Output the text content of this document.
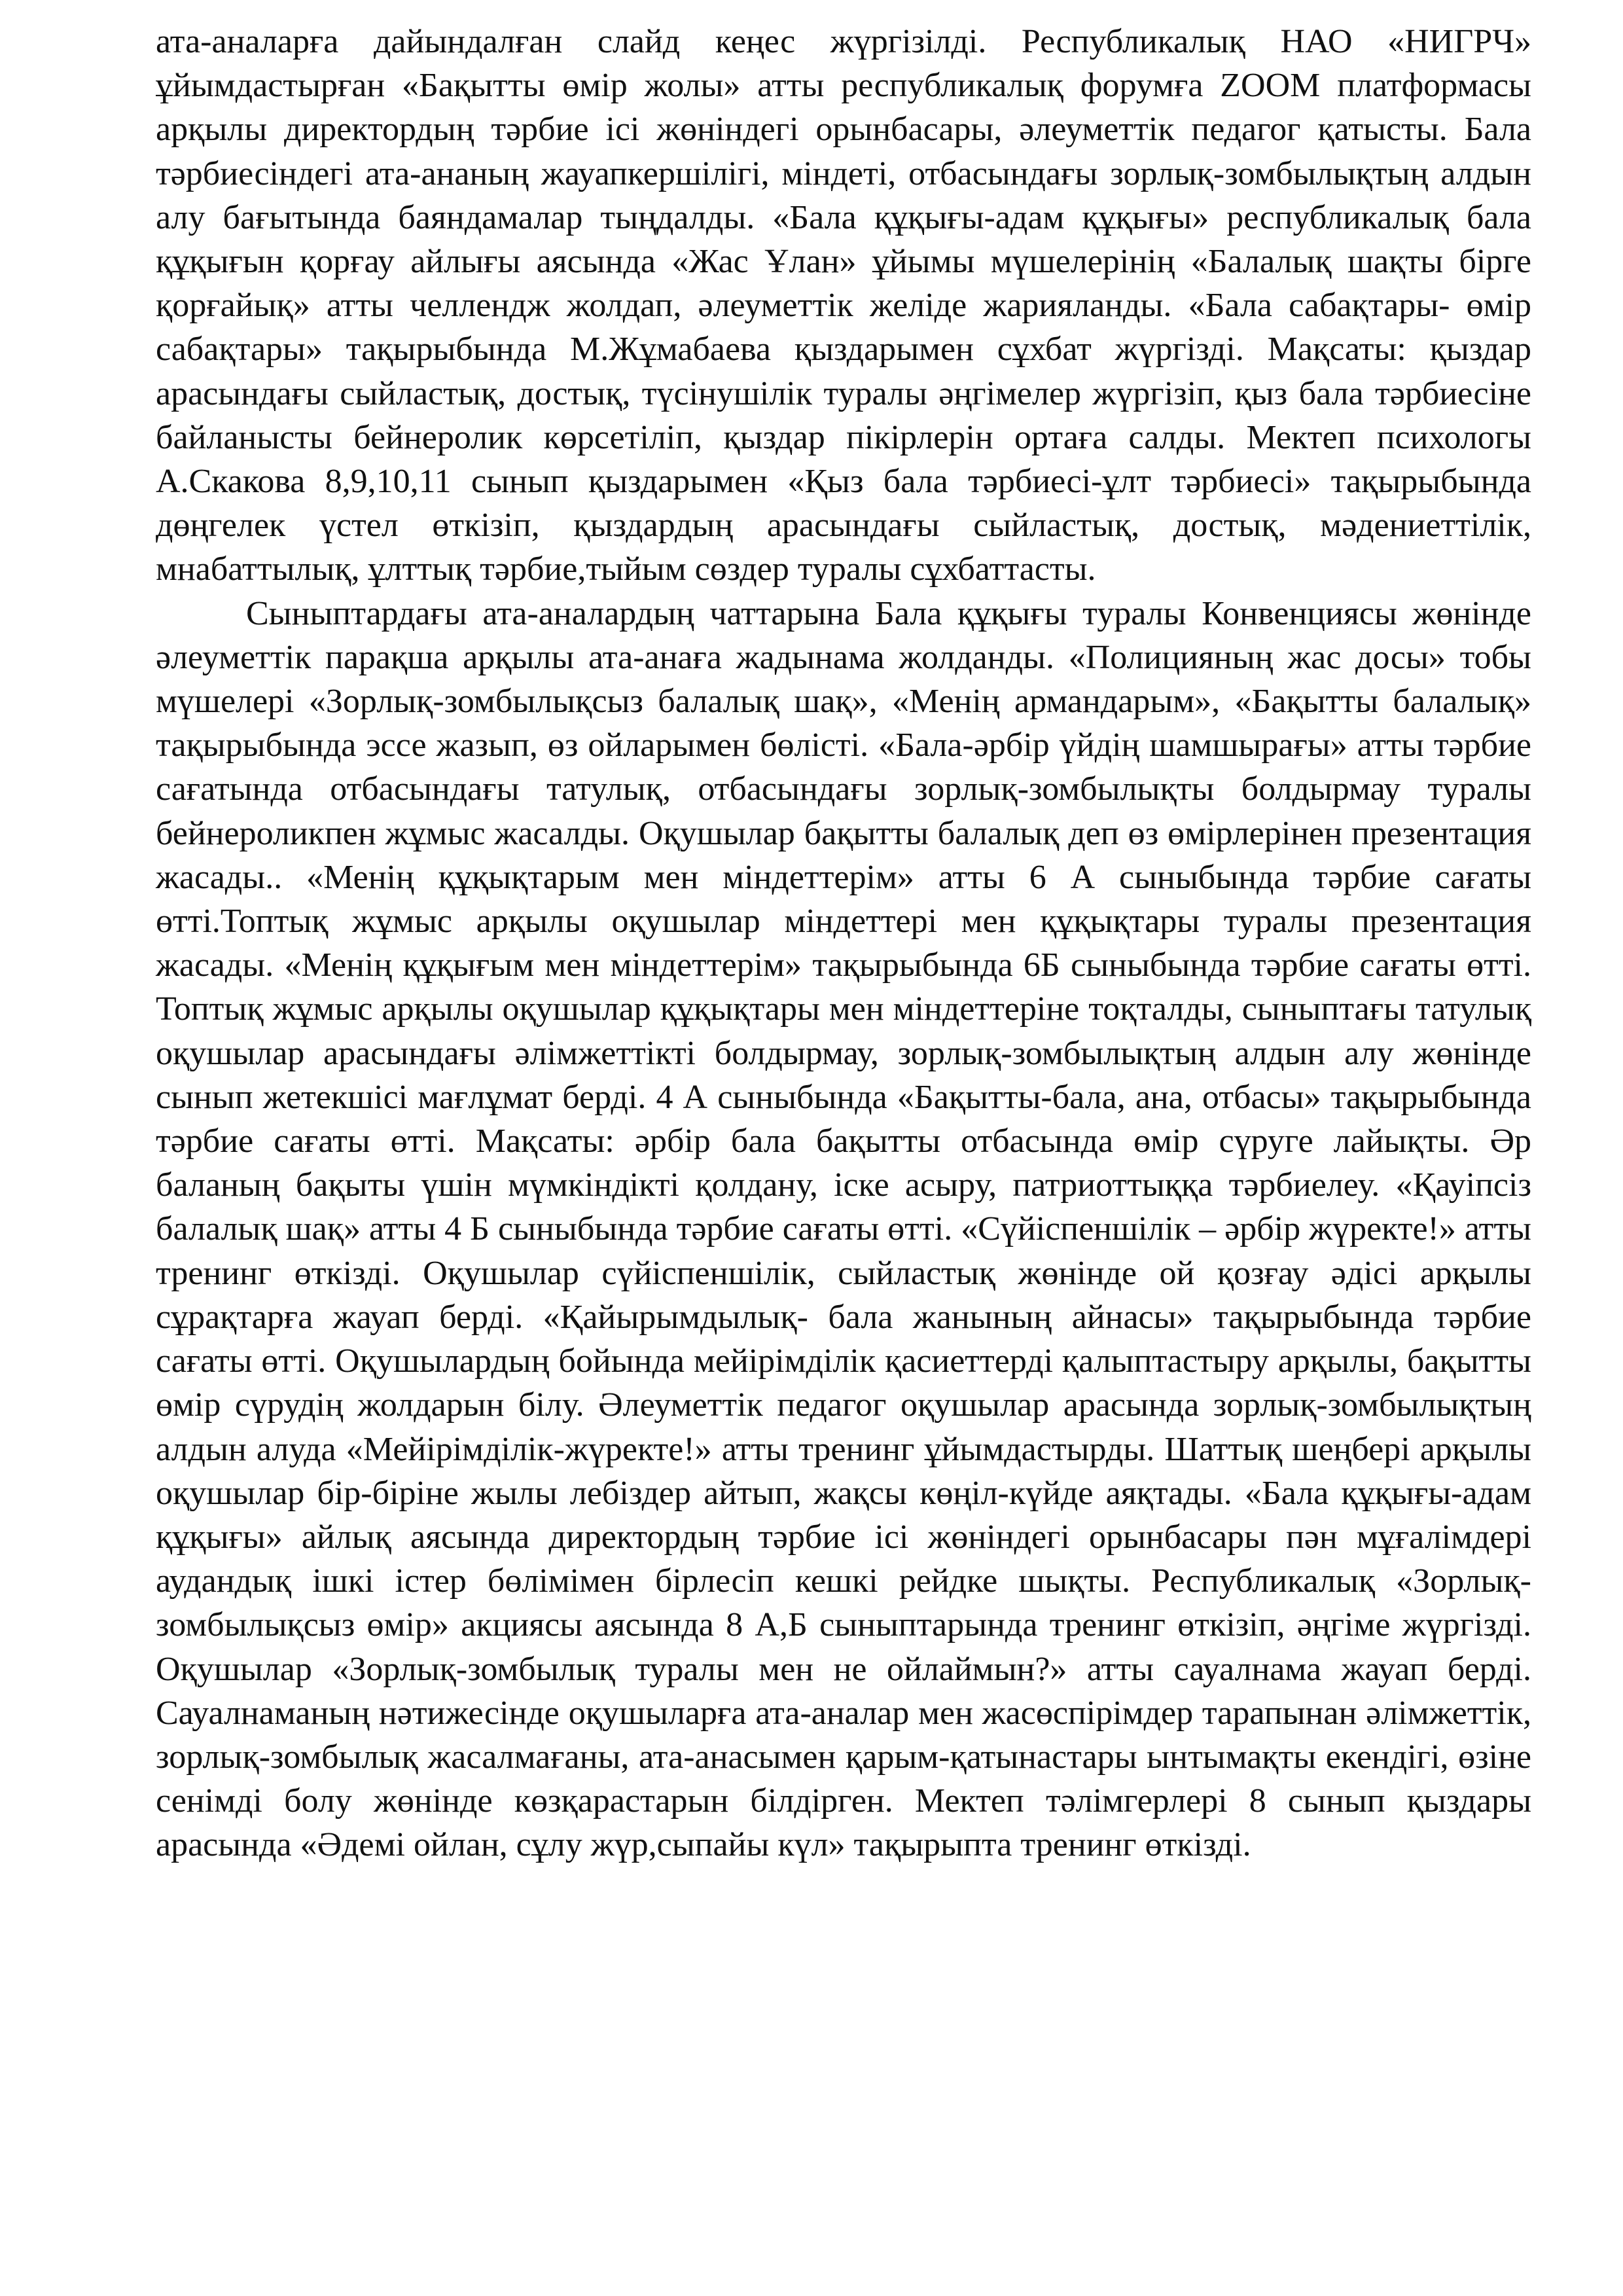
ата-аналарға дайындалған слайд кеңес жүргізілді. Республикалық НАО «НИГРЧ» ұйымдастырған «Бақытты өмір жолы» атты республикалық форумға ZOOM платформасы арқылы директордың тәрбие ісі жөніндегі орынбасары, әлеуметтік педагог қатысты. Бала тәрбиесіндегі ата-ананың жауапкершілігі, міндеті, отбасындағы зорлық-зомбылықтың алдын алу бағытында баяндамалар тыңдалды. «Бала құқығы-адам құқығы» республикалық бала құқығын қорғау айлығы аясында «Жас Ұлан» ұйымы мүшелерінің «Балалық шақты бірге қорғайық» атты челлендж жолдап, әлеуметтік желіде жарияланды. «Бала сабақтары- өмір сабақтары» тақырыбында М.Жұмабаева қыздарымен сұхбат жүргізді. Мақсаты: қыздар арасындағы сыйластық, достық, түсінушілік туралы әңгімелер жүргізіп, қыз бала тәрбиесіне байланысты бейнеролик көрсетіліп, қыздар пікірлерін ортаға салды. Мектеп психологы А.Скакова 8,9,10,11 сынып қыздарымен «Қыз бала тәрбиесі-ұлт тәрбиесі» тақырыбында дөңгелек үстел өткізіп, қыздардың арасындағы сыйластық, достық, мәдениеттілік, мнабаттылық, ұлттық тәрбие,тыйым сөздер туралы сұхбаттасты.

Сыныптардағы ата-аналардың чаттарына Бала құқығы туралы Конвенциясы жөнінде әлеуметтік парақша арқылы ата-анаға жадынама жолданды. «Полицияның жас досы» тобы мүшелері «Зорлық-зомбылықсыз балалық шақ», «Менің армандарым», «Бақытты балалық» тақырыбында эссе жазып, өз ойларымен бөлісті. «Бала-әрбір үйдің шамшырағы» атты тәрбие сағатында отбасындағы татулық, отбасындағы зорлық-зомбылықты болдырмау туралы бейнероликпен жұмыс жасалды. Оқушылар бақытты балалық деп өз өмірлерінен презентация жасады.. «Менің құқықтарым мен міндеттерім» атты 6 А сыныбында тәрбие сағаты өтті.Топтық жұмыс арқылы оқушылар міндеттері мен құқықтары туралы презентация жасады. «Менің құқығым мен міндеттерім» тақырыбында 6Б сыныбында тәрбие сағаты өтті. Топтық жұмыс арқылы оқушылар құқықтары мен міндеттеріне тоқталды, сыныптағы татулық оқушылар арасындағы әлімжеттікті болдырмау, зорлық-зомбылықтың алдын алу жөнінде сынып жетекшісі мағлұмат берді. 4 А сыныбында «Бақытты-бала, ана, отбасы» тақырыбында тәрбие сағаты өтті. Мақсаты: әрбір бала бақытты отбасында өмір сүруге лайықты. Әр баланың бақыты үшін мүмкіндікті қолдану, іске асыру, патриоттыққа тәрбиелеу. «Қауіпсіз балалық шақ» атты 4 Б сыныбында тәрбие сағаты өтті. «Сүйіспеншілік – әрбір жүректе!» атты тренинг өткізді. Оқушылар сүйіспеншілік, сыйластық жөнінде ой қозғау әдісі арқылы сұрақтарға жауап берді. «Қайырымдылық- бала жанының айнасы» тақырыбында тәрбие сағаты өтті. Оқушылардың бойында мейірімділік қасиеттерді қалыптастыру арқылы, бақытты өмір сүрудің жолдарын білу. Әлеуметтік педагог оқушылар арасында зорлық-зомбылықтың алдын алуда «Мейірімділік-жүректе!» атты тренинг ұйымдастырды. Шаттық шеңбері арқылы оқушылар бір-біріне жылы лебіздер айтып, жақсы көңіл-күйде аяқтады. «Бала құқығы-адам құқығы» айлық аясында директордың тәрбие ісі жөніндегі орынбасары пән мұғалімдері аудандық ішкі істер бөлімімен бірлесіп кешкі рейдке шықты. Республикалық «Зорлық-зомбылықсыз өмір» акциясы аясында 8 А,Б сыныптарында тренинг өткізіп, әңгіме жүргізді. Оқушылар «Зорлық-зомбылық туралы мен не ойлаймын?» атты сауалнама жауап берді. Сауалнаманың нәтижесінде оқушыларға ата-аналар мен жасөспірімдер тарапынан әлімжеттік, зорлық-зомбылық жасалмағаны, ата-анасымен қарым-қатынастары ынтымақты екендігі, өзіне сенімді болу жөнінде көзқарастарын білдірген. Мектеп тәлімгерлері 8 сынып қыздары арасында «Әдемі ойлан, сұлу жүр,сыпайы күл» тақырыпта тренинг өткізді.
